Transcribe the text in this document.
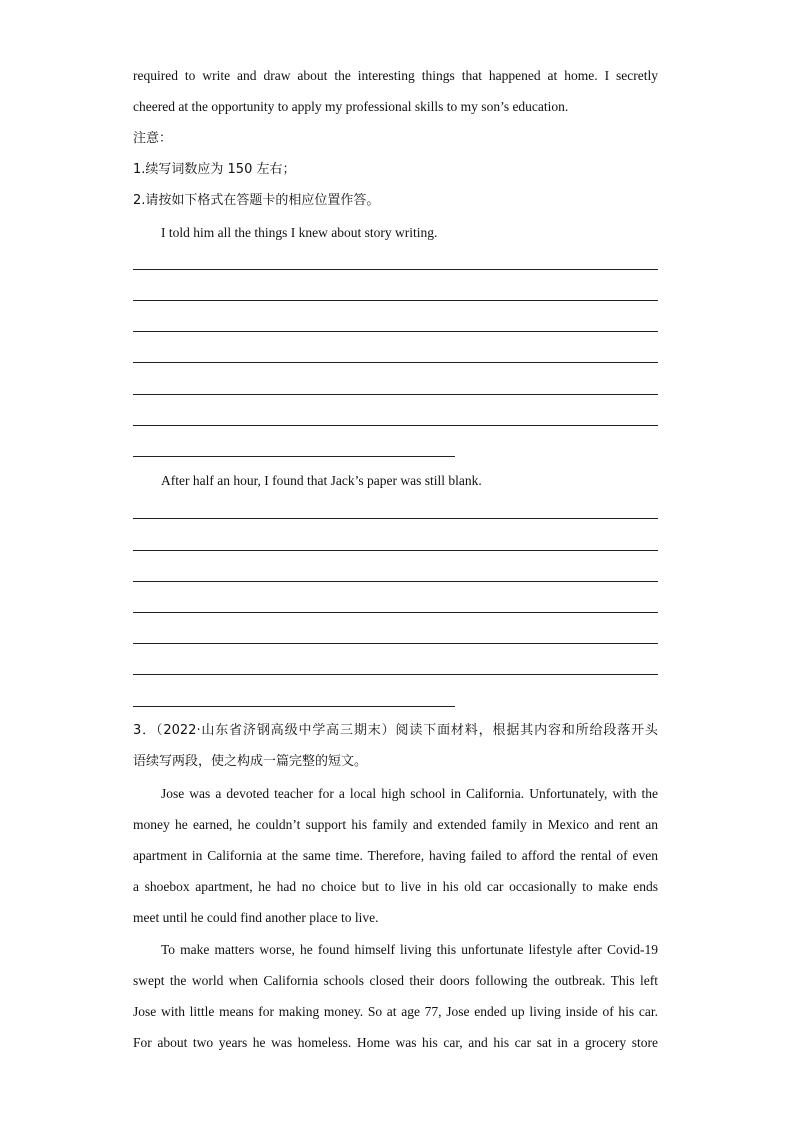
required to write and draw about the interesting things that happened at home. I secretly
cheered at the opportunity to apply my professional skills to my son’s education.
注意：
1.续写词数应为 150 左右；
2.请按如下格式在答题卡的相应位置作答。
I told him all the things I knew about story writing.
After half an hour, I found that Jack’s paper was still blank.
3．（2022·山东省济钢高级中学高三期末）阅读下面材料，根据其内容和所给段落开头
语续写两段，使之构成一篇完整的短文。
Jose was a devoted teacher for a local high school in California. Unfortunately, with the
money he earned, he couldn’t support his family and extended family in Mexico and rent an
apartment in California at the same time. Therefore, having failed to afford the rental of even
a shoebox apartment, he had no choice but to live in his old car occasionally to make ends
meet until he could find another place to live.
To make matters worse, he found himself living this unfortunate lifestyle after Covid-19
swept the world when California schools closed their doors following the outbreak. This left
Jose with little means for making money. So at age 77, Jose ended up living inside of his car.
For about two years he was homeless. Home was his car, and his car sat in a grocery store
